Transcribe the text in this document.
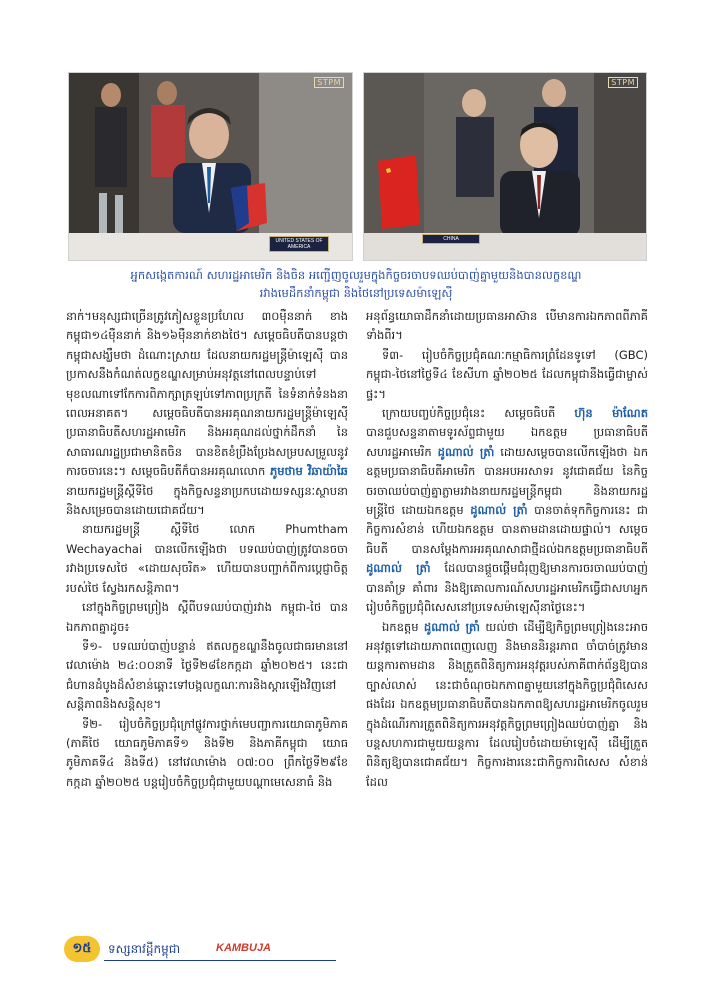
STPM
UNITED STATES OF AMERICA
STPM
CHINA
អ្នកសង្កេតការណ៍ សហរដ្ឋអាមេរិក និងចិន អញ្ជើញចូលរួមក្នុងកិច្ចចរចាបទឈប់បាញ់គ្នាមួយនិងបានលក្ខខណ្ឌ
រវាងមេដឹកនាំកម្ពុជា និងថៃនៅប្រទេសម៉ាឡេស៊ី

នាក់។មនុស្សជាច្រើនត្រូវភៀសខ្លួនប្រហែល ៣០ម៉ឺននាក់ ខាងកម្ពុជា១៤ម៉ឺននាក់ និង១៦ម៉ឺននាក់ខាងថៃ។ សម្តេចធិបតីបានបន្តថា កម្ពុជាសង្ឃឹមថា ដំណោះស្រាយ ដែលនាយករដ្ឋមន្ត្រីម៉ាឡេស៊ី បានប្រកាសនឹងកំណត់លក្ខខណ្ឌសម្រាប់អនុវត្តនៅពេលបន្ទាប់ទៅមុខលណាទៅកែការពិភាក្សាត្រឡប់ទៅភាពប្រក្រតី នៃទំនាក់ទំនងនាពេលអនាគត។ សម្តេចធិបតីបានអរគុណនាយករដ្ឋមន្ត្រីម៉ាឡេស៊ី ប្រធានាធិបតីសហរដ្ឋអាមេរិក និងអរគុណដល់ថ្នាក់ដឹកនាំ នៃសាធារណរដ្ឋប្រជាមានិតចិន បានខិតខំប្រឹងប្រែងសម្របសម្រួលនូវការចចារនេះ។ សម្តេចធិបតីក៏បានអរគុណលោក ភូមថាម វិឆាយ៉ាឆៃ នាយករដ្ឋមន្ត្រីស្តីទីថៃ ក្នុងកិច្ចសន្ទនាប្រកបដោយទស្សនៈស្ថាបនា និងសម្រេចបានដោយជោគជ័យ។

នាយករដ្ឋមន្ត្រី ស្តីទីថៃ លោក Phumtham Wechayachai បានលើកឡើងថា បទឈប់បាញ់ត្រូវបានចចារវាងប្រទេសថៃ «ដោយសុចរិត» ហើយបានបញ្ជាក់ពីការប្តេជ្ញាចិត្តរបស់ថៃ ស្វែងរកសន្តិភាព។

នៅក្នុងកិច្ចព្រមព្រៀង ស្តីពីបទឈប់បាញ់រវាង កម្ពុជា-ថៃ បានឯកភាពគ្នាដូច៖

ទី១- បទឈប់បាញ់បន្ទាន់ ឥតលក្ខខណ្ឌនឹងចូលជាធរមាននៅវេលាម៉ោង ២៤:០០នាទី ថ្ងៃទី២៨ខែកក្កដា ឆ្នាំ២០២៥។ នេះជាជំហានដំបូងដ៏សំខាន់ឆ្ពោះទៅបង្កលក្ខណៈការនិងស្តារឡើងវិញនៅសន្តិភាពនិងសន្តិសុខ។

ទី២- រៀបចំកិច្ចប្រជុំក្រៅផ្លូវការថ្នាក់មេបញ្ជាការយោធាភូមិភាគ (ភាគីថៃ យោធភូមិភាគទី១ និងទី២ និងភាគីកម្ពុជា យោធភូមិភាគទី៤ និងទី៥) នៅវេលាម៉ោង ០៧:០០ ព្រឹកថ្ងៃទី២៩ខែកក្កដា ឆ្នាំ២០២៥ បន្តរៀបចំកិច្ចប្រជុំជាមួយបណ្តាមេសេនាធំ និង

អនុព័ន្ធយោធាដឹកនាំដោយប្រធានអាស៊ាន បើមានការឯកភាពពីភាគីទាំងពីរ។

ទី៣- រៀបចំកិច្ចប្រជុំគណៈកម្មាធិការព្រំដែនទូទៅ (GBC) កម្ពុជា-ថៃនៅថ្ងៃទី៤ ខែសីហា ឆ្នាំ២០២៥ ដែលកម្ពុជានឹងធ្វើជាម្ចាស់ផ្ទះ។

ក្រោយបញ្ចប់កិច្ចប្រជុំនេះ សម្តេចធិបតី ហ៊ុន ម៉ាណែត បានជួបសន្ទនាតាមទូរស័ព្ទជាមួយ ឯកឧត្តម ប្រធានាធិបតីសហរដ្ឋអាមេរិក ដូណាល់ ត្រាំ ដោយសម្តេចបានលើកឡើងថា ឯកឧត្តមប្រធានាធិបតីអាមេរិក បានអបអរសាទរ នូវជោគជ័យ នៃកិច្ចចរចាឈប់បាញ់គ្នាភ្លាមរវាងនាយករដ្ឋមន្ត្រីកម្ពុជា និងនាយករដ្ឋមន្ត្រីថៃ ដោយឯកឧត្តម ដូណាល់ ត្រាំ បានចាត់ទុកកិច្ចការនេះ ជាកិច្ចការសំខាន់ ហើយឯកឧត្តម បានតាមដានដោយផ្ទាល់។ សម្តេចធិបតី បានសម្តែងការអរគុណសាជាថ្មីដល់ឯកឧត្តមប្រធានាធិបតី ដូណាល់ ត្រាំ ដែលបានផ្តួចផ្តើមជំរុញឱ្យមានការចរចាឈប់បាញ់ បានគាំទ្រ គាំពារ និងឱ្យគោលការណ៍សហរដ្ឋអាមេរិកធ្វើជាសហអ្នករៀបចំកិច្ចប្រជុំពិសេសនៅប្រទេសម៉ាឡេស៊ីនាថ្ងៃនេះ។

ឯកឧត្តម ដូណាល់ ត្រាំ យល់ថា ដើម្បីឱ្យកិច្ចព្រមព្រៀងនេះអាចអនុវត្តទៅដោយភាពពេញលេញ និងមាននិរន្តរភាព ចាំបាច់ត្រូវមានយន្តការតាមដាន និងត្រួតពិនិត្យការអនុវត្តរបស់ភាគីពាក់ព័ន្ធឱ្យបានច្បាស់លាស់ នេះជាចំណុចឯកភាពគ្នាមួយនៅក្នុងកិច្ចប្រជុំពិសេសផងដែរ ឯកឧត្តមប្រធានាធិបតីបានឯកភាពឱ្យសហរដ្ឋអាមេរិកចូលរួមក្នុងដំណើរការត្រួតពិនិត្យការអនុវត្តកិច្ចព្រមព្រៀងឈប់បាញ់គ្នា និងបន្តសហការជាមួយយន្តការ ដែលរៀបចំដោយម៉ាឡេស៊ី ដើម្បីត្រួតពិនិត្យឱ្យបានជោគជ័យ។ កិច្ចការងារនេះជាកិច្ចការពិសេស សំខាន់ ដែល

១៥	ទស្សនាវដ្តីកម្ពុជា	KAMBUJA
